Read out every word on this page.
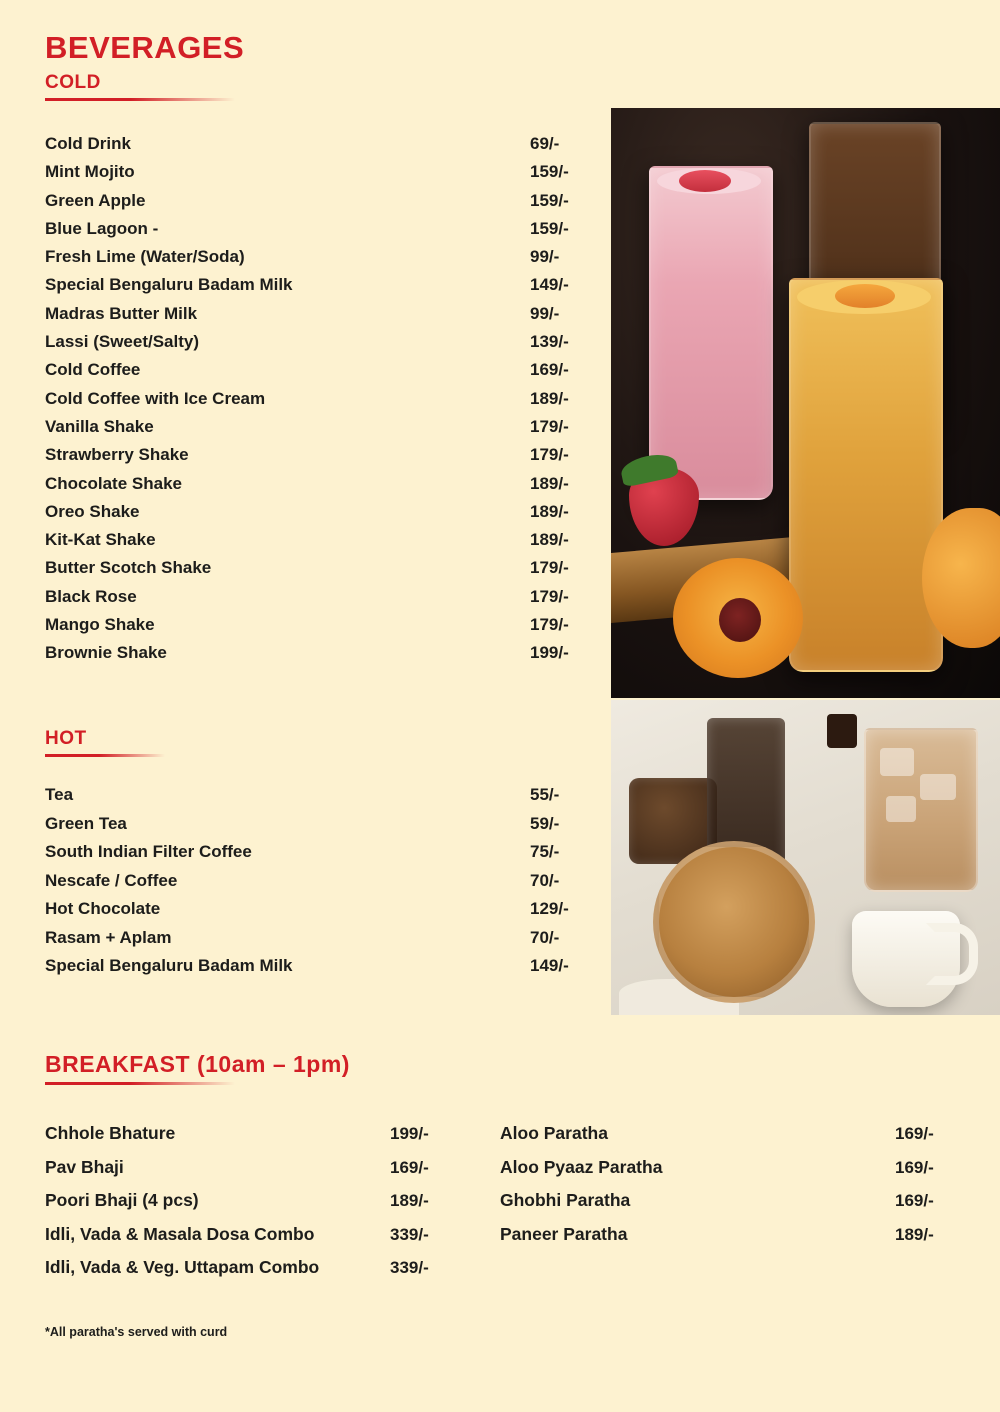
BEVERAGES
COLD
Cold Drink	69/-
Mint Mojito	159/-
Green Apple	159/-
Blue Lagoon -	159/-
Fresh Lime (Water/Soda)	99/-
Special Bengaluru Badam Milk	149/-
Madras Butter Milk	99/-
Lassi (Sweet/Salty)	139/-
Cold Coffee	169/-
Cold Coffee with Ice Cream	189/-
Vanilla Shake	179/-
Strawberry Shake	179/-
Chocolate Shake	189/-
Oreo Shake	189/-
Kit-Kat Shake	189/-
Butter Scotch Shake	179/-
Black Rose	179/-
Mango Shake	179/-
Brownie Shake	199/-
HOT
Tea	55/-
Green Tea	59/-
South Indian Filter Coffee	75/-
Nescafe / Coffee	70/-
Hot Chocolate	129/-
Rasam + Aplam	70/-
Special Bengaluru Badam Milk	149/-
BREAKFAST (10am – 1pm)
Chhole Bhature	199/-
Pav Bhaji	169/-
Poori Bhaji (4 pcs)	189/-
Idli, Vada & Masala Dosa Combo	339/-
Idli, Vada & Veg. Uttapam Combo	339/-
Aloo Paratha	169/-
Aloo Pyaaz Paratha	169/-
Ghobhi Paratha	169/-
Paneer Paratha	189/-
*All paratha's served with curd
